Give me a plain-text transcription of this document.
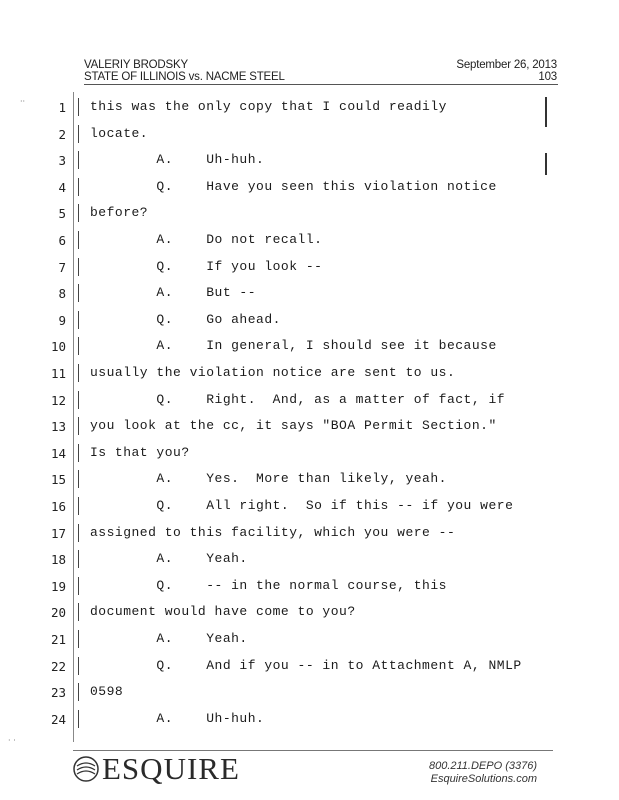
VALERIY BRODSKY
STATE OF ILLINOIS vs. NACME STEEL
September 26, 2013
103
··
· ·
1 this was the only copy that I could readily
2 locate.
3 A.    Uh-huh.
4 Q.    Have you seen this violation notice
5 before?
6 A.    Do not recall.
7 Q.    If you look --
8 A.    But --
9 Q.    Go ahead.
10 A.    In general, I should see it because
11 usually the violation notice are sent to us.
12 Q.    Right.  And, as a matter of fact, if
13 you look at the cc, it says "BOA Permit Section."
14 Is that you?
15 A.    Yes.  More than likely, yeah.
16 Q.    All right.  So if this -- if you were
17 assigned to this facility, which you were --
18 A.    Yeah.
19 Q.    -- in the normal course, this
20 document would have come to you?
21 A.    Yeah.
22 Q.    And if you -- in to Attachment A, NMLP
23 0598
24 A.    Uh-huh.
ESQUIRE	800.211.DEPO (3376)
EsquireSolutions.com
